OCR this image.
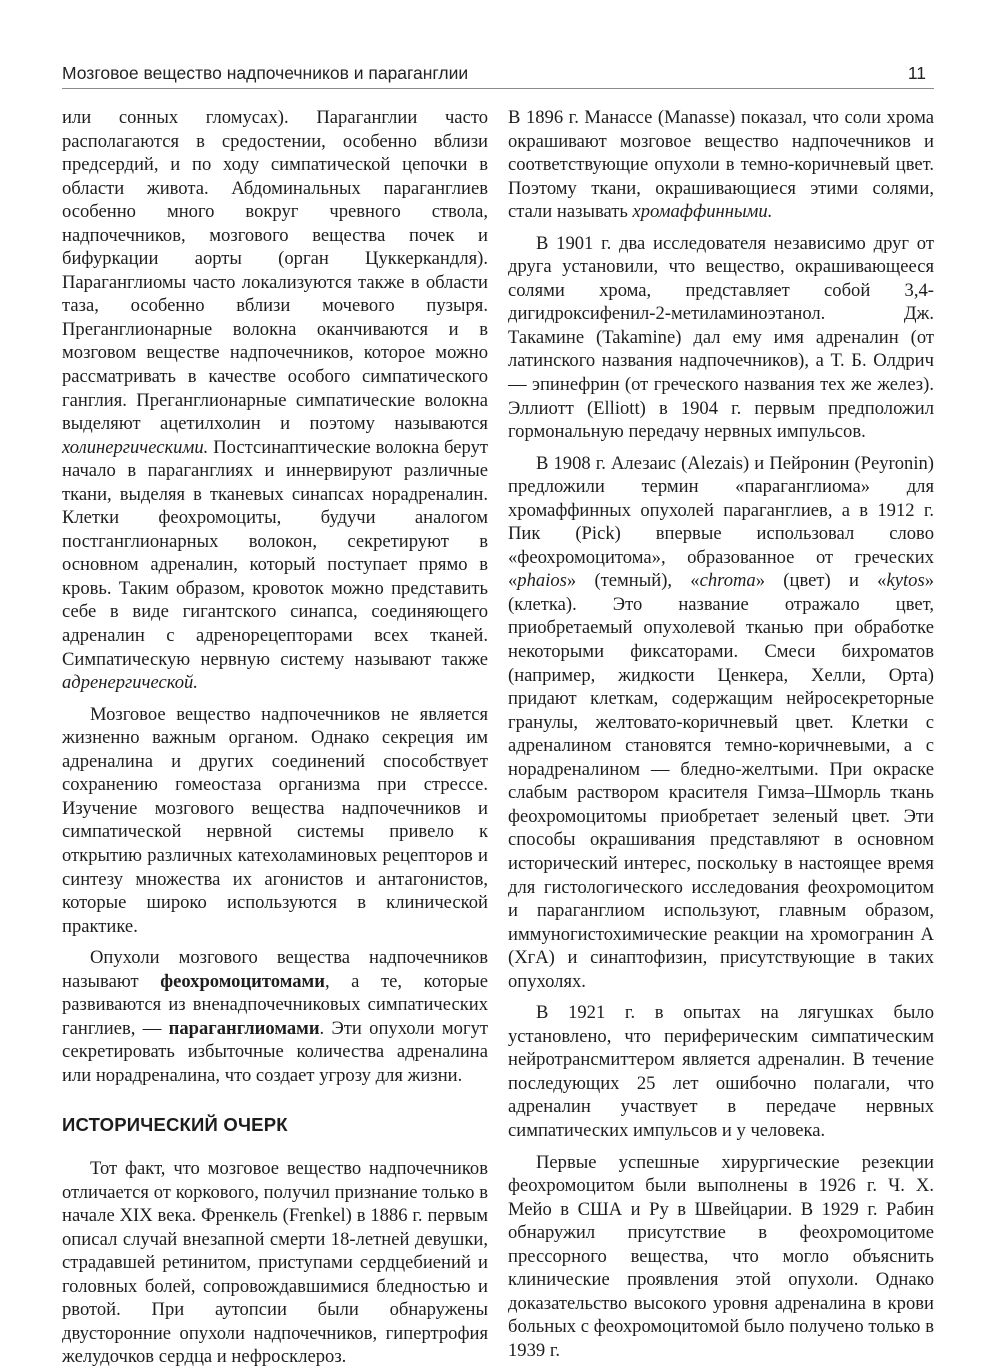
Мозговое вещество надпочечников и параганглии	11

или сонных гломусах). Параганглии часто располагаются в средостении, особенно вблизи предсердий, и по ходу симпатической цепочки в области живота. Абдоминальных параганглиев особенно много вокруг чревного ствола, надпочечников, мозгового вещества почек и бифуркации аорты (орган Цуккеркандля). Параганглиомы часто локализуются также в области таза, особенно вблизи мочевого пузыря. Преганглионарные волокна оканчиваются и в мозговом веществе надпочечников, которое можно рассматривать в качестве особого симпатического ганглия. Преганглионарные симпатические волокна выделяют ацетилхолин и поэтому называются холинергическими. Постсинаптические волокна берут начало в параганглиях и иннервируют различные ткани, выделяя в тканевых синапсах норадреналин. Клетки феохромоциты, будучи аналогом постганглионарных волокон, секретируют в основном адреналин, который поступает прямо в кровь. Таким образом, кровоток можно представить себе в виде гигантского синапса, соединяющего адреналин с адренорецепторами всех тканей. Симпатическую нервную систему называют также адренергической.

Мозговое вещество надпочечников не является жизненно важным органом. Однако секреция им адреналина и других соединений способствует сохранению гомеостаза организма при стрессе. Изучение мозгового вещества надпочечников и симпатической нервной системы привело к открытию различных катехоламиновых рецепторов и синтезу множества их агонистов и антагонистов, которые широко используются в клинической практике.

Опухоли мозгового вещества надпочечников называют феохромоцитомами, а те, которые развиваются из вненадпочечниковых симпатических ганглиев, — параганглиомами. Эти опухоли могут секретировать избыточные количества адреналина или норадреналина, что создает угрозу для жизни.

ИСТОРИЧЕСКИЙ ОЧЕРК

Тот факт, что мозговое вещество надпочечников отличается от коркового, получил признание только в начале XIX века. Френкель (Frenkel) в 1886 г. первым описал случай внезапной смерти 18-летней девушки, страдавшей ретинитом, приступами сердцебиений и головных болей, сопровождавшимися бледностью и рвотой. При аутопсии были обнаружены двусторонние опухоли надпочечников, гипертрофия желудочков сердца и нефросклероз.

В 1896 г. Манассе (Manasse) показал, что соли хрома окрашивают мозговое вещество надпочечников и соответствующие опухоли в темно-коричневый цвет. Поэтому ткани, окрашивающиеся этими солями, стали называть хромаффинными.

В 1901 г. два исследователя независимо друг от друга установили, что вещество, окрашивающееся солями хрома, представляет собой 3,4-дигидроксифенил-2-метиламиноэтанол. Дж. Такамине (Takamine) дал ему имя адреналин (от латинского названия надпочечников), а Т. Б. Олдрич — эпинефрин (от греческого названия тех же желез). Эллиотт (Elliott) в 1904 г. первым предположил гормональную передачу нервных импульсов.

В 1908 г. Алезаис (Alezais) и Пейронин (Peyronin) предложили термин «параганглиома» для хромаффинных опухолей параганглиев, а в 1912 г. Пик (Pick) впервые использовал слово «феохромоцитома», образованное от греческих «phaios» (темный), «chroma» (цвет) и «kytos» (клетка). Это название отражало цвет, приобретаемый опухолевой тканью при обработке некоторыми фиксаторами. Смеси бихроматов (например, жидкости Ценкера, Хелли, Орта) придают клеткам, содержащим нейросекреторные гранулы, желтовато-коричневый цвет. Клетки с адреналином становятся темно-коричневыми, а с норадреналином — бледно-желтыми. При окраске слабым раствором красителя Гимза–Шморль ткань феохромоцитомы приобретает зеленый цвет. Эти способы окрашивания представляют в основном исторический интерес, поскольку в настоящее время для гистологического исследования феохромоцитом и параганглиом используют, главным образом, иммуногистохимические реакции на хромогранин А (ХгА) и синаптофизин, присутствующие в таких опухолях.

В 1921 г. в опытах на лягушках было установлено, что периферическим симпатическим нейротрансмиттером является адреналин. В течение последующих 25 лет ошибочно полагали, что адреналин участвует в передаче нервных симпатических импульсов и у человека.

Первые успешные хирургические резекции феохромоцитом были выполнены в 1926 г. Ч. Х. Мейо в США и Ру в Швейцарии. В 1929 г. Рабин обнаружил присутствие в феохромоцитоме прессорного вещества, что могло объяснить клинические проявления этой опухоли. Однако доказательство высокого уровня адреналина в крови больных с феохромоцитомой было получено только в 1939 г.
